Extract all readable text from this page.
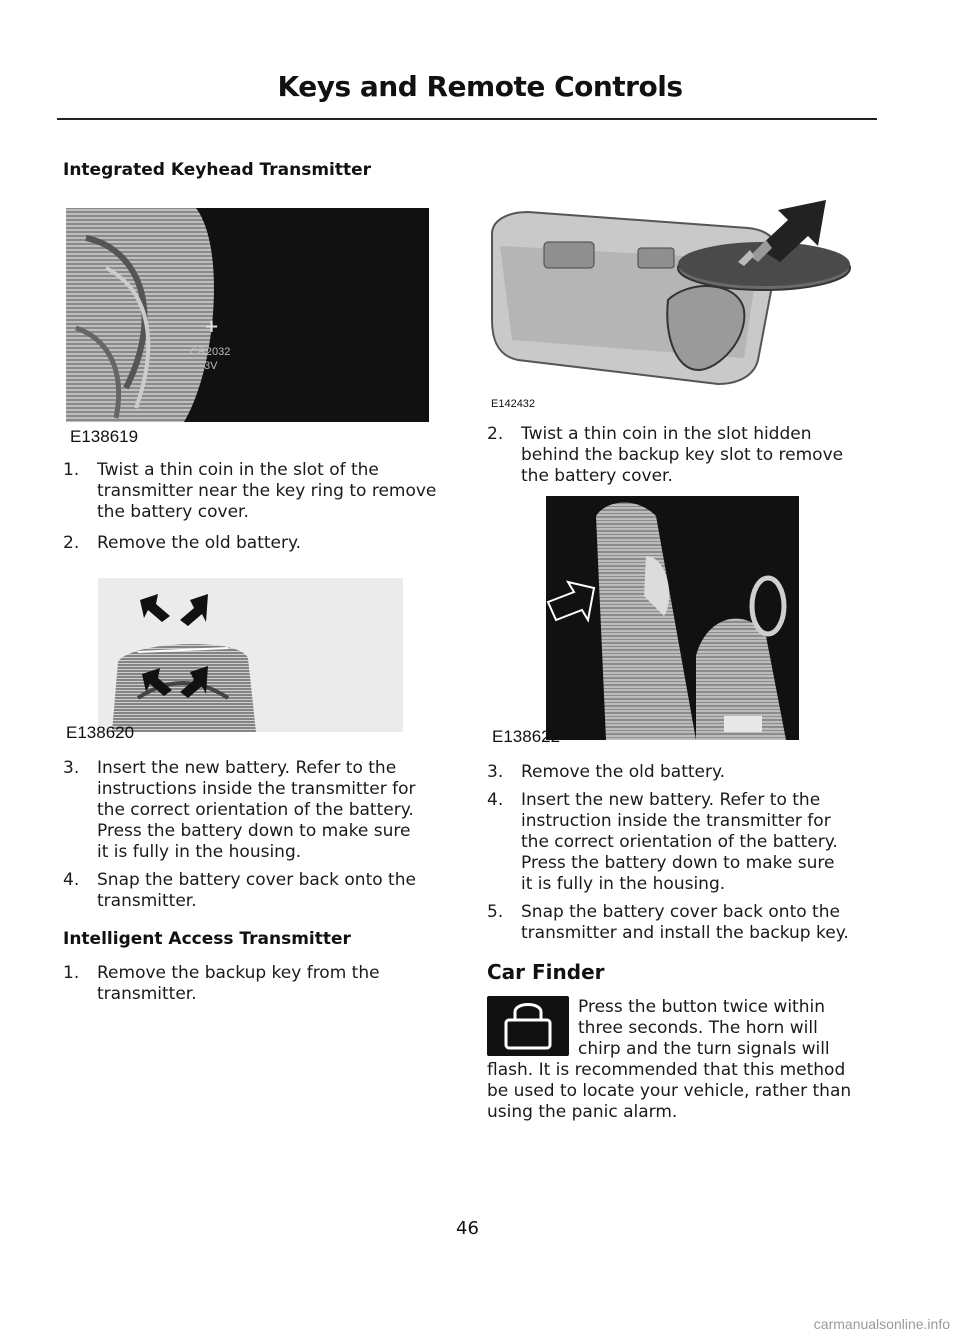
Keys and Remote Controls
Integrated Keyhead Transmitter
+
CR2032
3V
E138619
1. Twist a thin coin in the slot of the
transmitter near the key ring to remove
the battery cover.
2. Remove the old battery.
E138620
3. Insert the new battery. Refer to the
instructions inside the transmitter for
the correct orientation of the battery.
Press the battery down to make sure
it is fully in the housing.
4. Snap the battery cover back onto the
transmitter.
Intelligent Access Transmitter
1. Remove the backup key from the
transmitter.
E142432
2. Twist a thin coin in the slot hidden
behind the backup key slot to remove
the battery cover.
E138622
3. Remove the old battery.
4. Insert the new battery. Refer to the
instruction inside the transmitter for
the correct orientation of the battery.
Press the battery down to make sure
it is fully in the housing.
5. Snap the battery cover back onto the
transmitter and install the backup key.
Car Finder
Press the button twice within
three seconds. The horn will
chirp and the turn signals will
flash. It is recommended that this method
be used to locate your vehicle, rather than
using the panic alarm.
46
carmanualsonline.info
